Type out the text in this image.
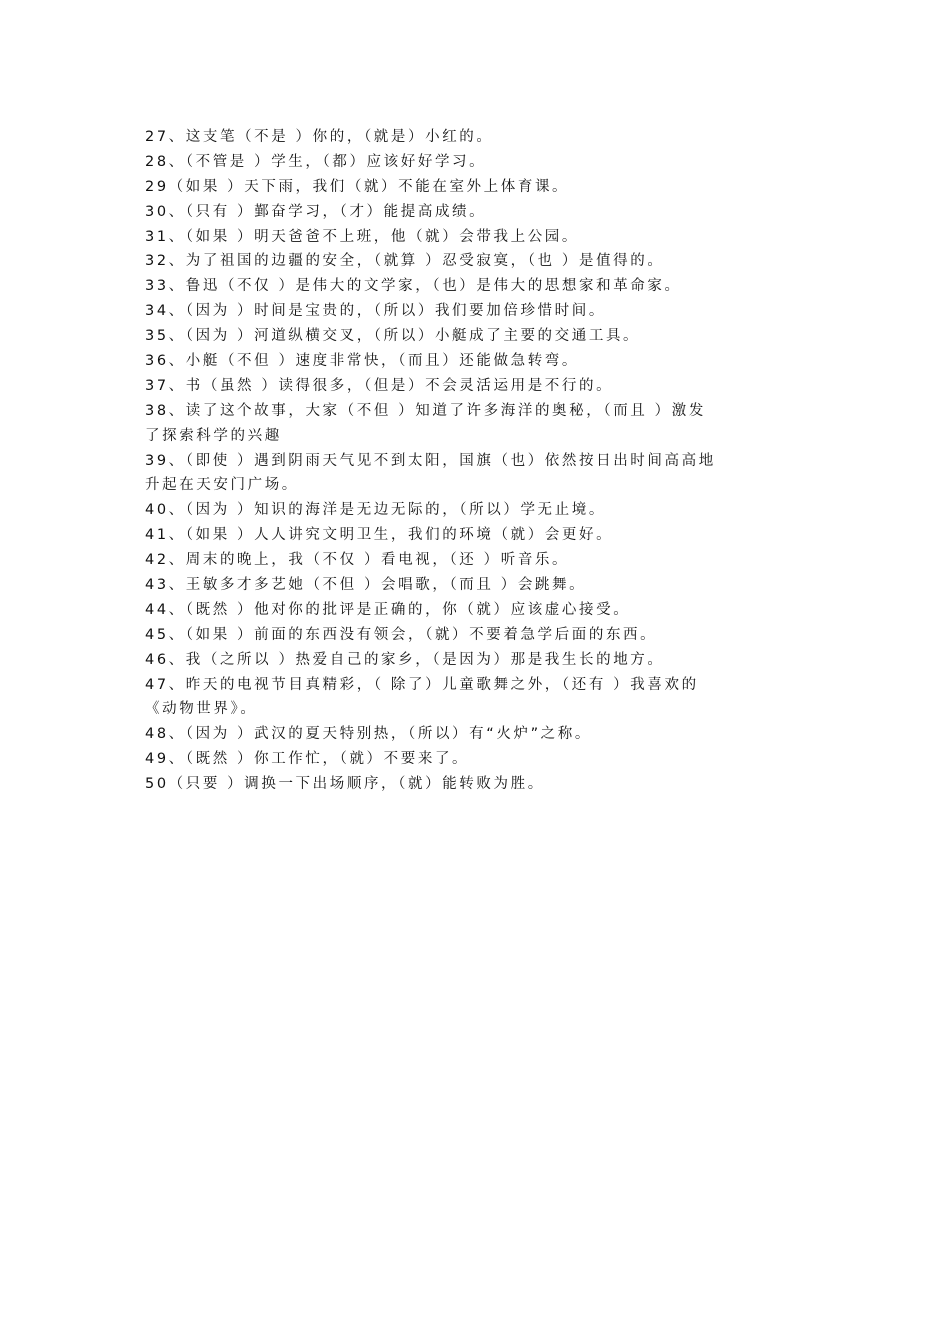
27、这支笔（不是 ）你的，（就是）小红的。
28、（不管是 ）学生，（都）应该好好学习。
29（如果 ）天下雨，我们（就）不能在室外上体育课。
30、（只有 ）鄞奋学习，（才）能提高成绩。
31、（如果 ）明天爸爸不上班，他（就）会带我上公园。
32、为了祖国的边疆的安全，（就算 ）忍受寂寞，（也 ）是值得的。
33、鲁迅（不仅 ）是伟大的文学家，（也）是伟大的思想家和革命家。
34、（因为 ）时间是宝贵的，（所以）我们要加倍珍惜时间。
35、（因为 ）河道纵横交叉，（所以）小艇成了主要的交通工具。
36、小艇（不但 ）速度非常快，（而且）还能做急转弯。
37、书（虽然 ）读得很多，（但是）不会灵活运用是不行的。
38、读了这个故事，大家（不但 ）知道了许多海洋的奥秘，（而且 ）激发
了探索科学的兴趣
39、（即使 ）遇到阴雨天气见不到太阳，国旗（也）依然按日出时间高高地
升起在天安门广场。
40、（因为 ）知识的海洋是无边无际的，（所以）学无止境。
41、（如果 ）人人讲究文明卫生，我们的环境（就）会更好。
42、周末的晚上，我（不仅 ）看电视，（还 ）听音乐。
43、王敏多才多艺她（不但 ）会唱歌，（而且 ）会跳舞。
44、（既然 ）他对你的批评是正确的，你（就）应该虚心接受。
45、（如果 ）前面的东西没有领会，（就）不要着急学后面的东西。
46、我（之所以 ）热爱自己的家乡，（是因为）那是我生长的地方。
47、昨天的电视节目真精彩，（ 除了）儿童歌舞之外，（还有 ）我喜欢的
《动物世界》。
48、（因为 ）武汉的夏天特别热，（所以）有“火炉”之称。
49、（既然 ）你工作忙，（就）不要来了。
50（只要 ）调换一下出场顺序，（就）能转败为胜。
